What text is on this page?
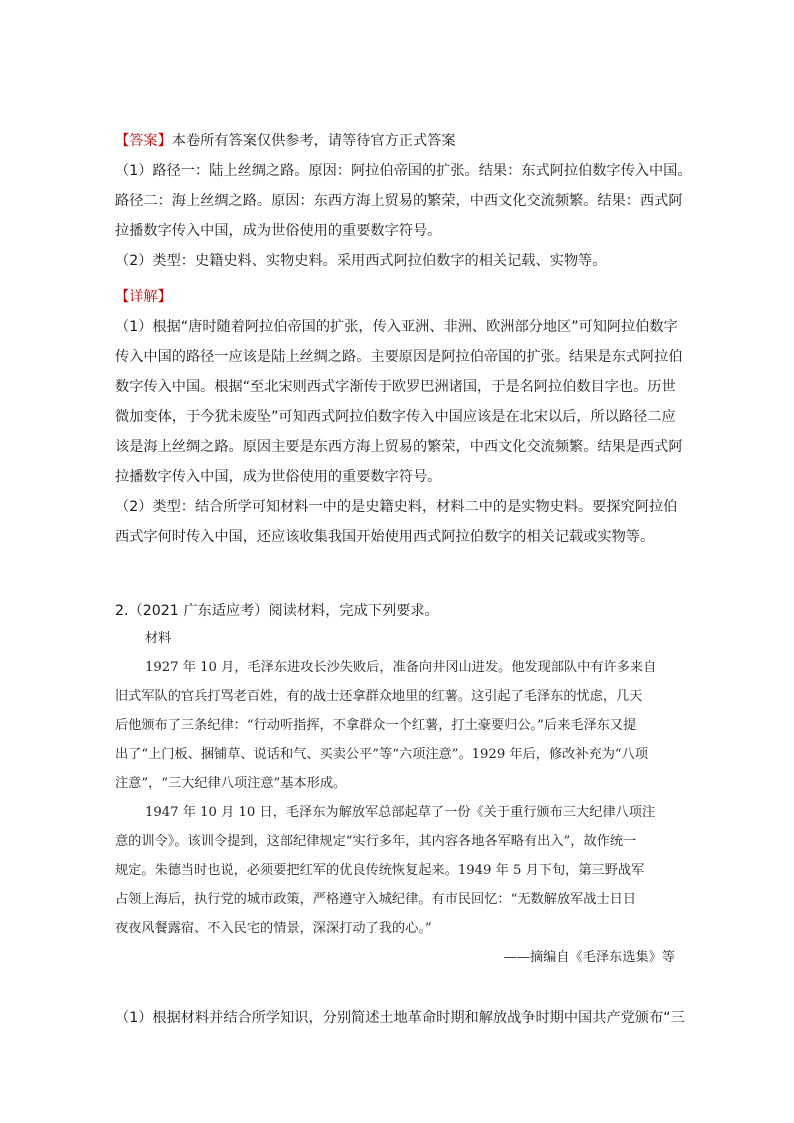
【答案】本卷所有答案仅供参考，请等待官方正式答案
（1）路径一：陆上丝绸之路。原因：阿拉伯帝国的扩张。结果：东式阿拉伯数字传入中国。
路径二：海上丝绸之路。原因：东西方海上贸易的繁荣，中西文化交流频繁。结果：西式阿
拉播数字传入中国，成为世俗使用的重要数字符号。
（2）类型：史籍史料、实物史料。采用西式阿拉伯数字的相关记载、实物等。
【详解】
（1）根据“唐时随着阿拉伯帝国的扩张，传入亚洲、非洲、欧洲部分地区”可知阿拉伯数字
传入中国的路径一应该是陆上丝绸之路。主要原因是阿拉伯帝国的扩张。结果是东式阿拉伯
数字传入中国。根据“至北宋则西式字渐传于欧罗巴洲诸国，于是名阿拉伯数目字也。历世
微加变体，于今犹未废坠”可知西式阿拉伯数字传入中国应该是在北宋以后，所以路径二应
该是海上丝绸之路。原因主要是东西方海上贸易的繁荣，中西文化交流频繁。结果是西式阿
拉播数字传入中国，成为世俗使用的重要数字符号。
（2）类型：结合所学可知材料一中的是史籍史料，材料二中的是实物史料。要探究阿拉伯
西式字何时传入中国，还应该收集我国开始使用西式阿拉伯数字的相关记载或实物等。
2.（2021 广东适应考）阅读材料，完成下列要求。
材料
1927 年 10 月，毛泽东进攻长沙失败后，准备向井冈山进发。他发现部队中有许多来自
旧式军队的官兵打骂老百姓，有的战士还拿群众地里的红薯。这引起了毛泽东的忧虑，几天
后他颁布了三条纪律：“行动听指挥，不拿群众一个红薯，打土豪要归公。”后来毛泽东又提
出了“上门板、捆铺草、说话和气、买卖公平”等“六项注意”。1929 年后，修改补充为“八项
注意”，“三大纪律八项注意”基本形成。
1947 年 10 月 10 日，毛泽东为解放军总部起草了一份《关于重行颁布三大纪律八项注
意的训令》。该训令提到，这部纪律规定“实行多年，其内容各地各军略有出入”，故作统一
规定。朱德当时也说，必须要把红军的优良传统恢复起来。1949 年 5 月下旬，第三野战军
占领上海后，执行党的城市政策，严格遵守入城纪律。有市民回忆：“无数解放军战士日日
夜夜风餐露宿、不入民宅的情景，深深打动了我的心。”
——摘编自《毛泽东选集》等
（1）根据材料并结合所学知识，分别简述土地革命时期和解放战争时期中国共产党颁布“三
